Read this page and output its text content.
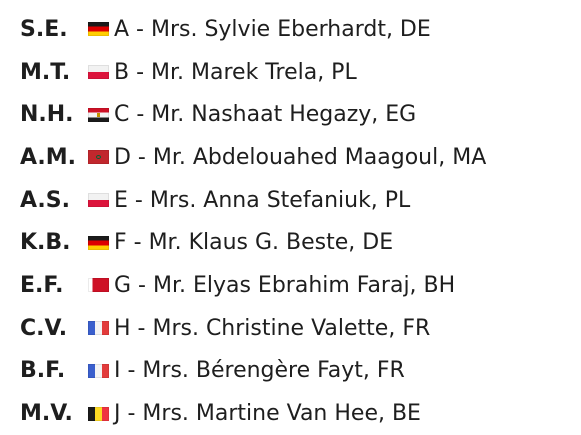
S.E.	A - Mrs. Sylvie Eberhardt, DE
M.T.	B - Mr. Marek Trela, PL
N.H.	C - Mr. Nashaat Hegazy, EG
A.M.	D - Mr. Abdelouahed Maagoul, MA
A.S.	E - Mrs. Anna Stefaniuk, PL
K.B.	F - Mr. Klaus G. Beste, DE
E.F.	G - Mr. Elyas Ebrahim Faraj, BH
C.V.	H - Mrs. Christine Valette, FR
B.F.	I - Mrs. Bérengère Fayt, FR
M.V.	J - Mrs. Martine Van Hee, BE
